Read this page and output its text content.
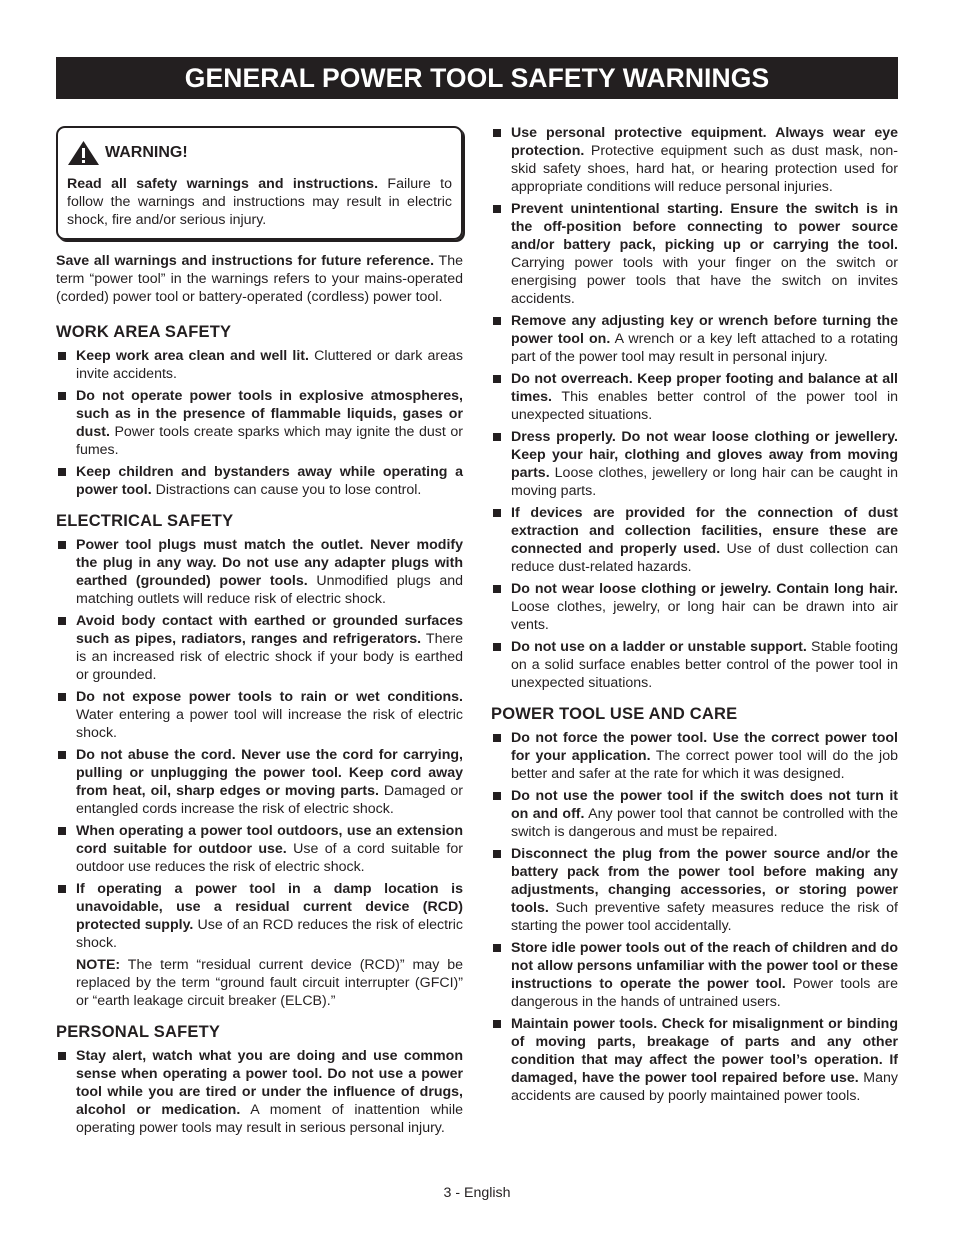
GENERAL POWER TOOL SAFETY WARNINGS
WARNING!

Read all safety warnings and instructions. Failure to follow the warnings and instructions may result in electric shock, fire and/or serious injury.

Save all warnings and instructions for future reference. The term “power tool” in the warnings refers to your mains-operated (corded) power tool or battery-operated (cordless) power tool.

WORK AREA SAFETY
Keep work area clean and well lit. Cluttered or dark areas invite accidents.
Do not operate power tools in explosive atmospheres, such as in the presence of flammable liquids, gases or dust. Power tools create sparks which may ignite the dust or fumes.
Keep children and bystanders away while operating a power tool. Distractions can cause you to lose control.
ELECTRICAL SAFETY
Power tool plugs must match the outlet. Never modify the plug in any way. Do not use any adapter plugs with earthed (grounded) power tools. Unmodified plugs and matching outlets will reduce risk of electric shock.
Avoid body contact with earthed or grounded surfaces such as pipes, radiators, ranges and refrigerators. There is an increased risk of electric shock if your body is earthed or grounded.
Do not expose power tools to rain or wet conditions. Water entering a power tool will increase the risk of electric shock.
Do not abuse the cord. Never use the cord for carrying, pulling or unplugging the power tool. Keep cord away from heat, oil, sharp edges or moving parts. Damaged or entangled cords increase the risk of electric shock.
When operating a power tool outdoors, use an extension cord suitable for outdoor use. Use of a cord suitable for outdoor use reduces the risk of electric shock.
If operating a power tool in a damp location is unavoidable, use a residual current device (RCD) protected supply. Use of an RCD reduces the risk of electric shock.

NOTE: The term “residual current device (RCD)” may be replaced by the term “ground fault circuit interrupter (GFCI)” or “earth leakage circuit breaker (ELCB).”

PERSONAL SAFETY
Stay alert, watch what you are doing and use common sense when operating a power tool. Do not use a power tool while you are tired or under the influence of drugs, alcohol or medication. A moment of inattention while operating power tools may result in serious personal injury.
Use personal protective equipment. Always wear eye protection. Protective equipment such as dust mask, non-skid safety shoes, hard hat, or hearing protection used for appropriate conditions will reduce personal injuries.
Prevent unintentional starting. Ensure the switch is in the off-position before connecting to power source and/or battery pack, picking up or carrying the tool. Carrying power tools with your finger on the switch or energising power tools that have the switch on invites accidents.
Remove any adjusting key or wrench before turning the power tool on. A wrench or a key left attached to a rotating part of the power tool may result in personal injury.
Do not overreach. Keep proper footing and balance at all times. This enables better control of the power tool in unexpected situations.
Dress properly. Do not wear loose clothing or jewellery. Keep your hair, clothing and gloves away from moving parts. Loose clothes, jewellery or long hair can be caught in moving parts.
If devices are provided for the connection of dust extraction and collection facilities, ensure these are connected and properly used. Use of dust collection can reduce dust-related hazards.
Do not wear loose clothing or jewelry. Contain long hair. Loose clothes, jewelry, or long hair can be drawn into air vents.
Do not use on a ladder or unstable support. Stable footing on a solid surface enables better control of the power tool in unexpected situations.
POWER TOOL USE AND CARE
Do not force the power tool. Use the correct power tool for your application. The correct power tool will do the job better and safer at the rate for which it was designed.
Do not use the power tool if the switch does not turn it on and off. Any power tool that cannot be controlled with the switch is dangerous and must be repaired.
Disconnect the plug from the power source and/or the battery pack from the power tool before making any adjustments, changing accessories, or storing power tools. Such preventive safety measures reduce the risk of starting the power tool accidentally.
Store idle power tools out of the reach of children and do not allow persons unfamiliar with the power tool or these instructions to operate the power tool. Power tools are dangerous in the hands of untrained users.
Maintain power tools. Check for misalignment or binding of moving parts, breakage of parts and any other condition that may affect the power tool’s operation. If damaged, have the power tool repaired before use. Many accidents are caused by poorly maintained power tools.
3 - English
